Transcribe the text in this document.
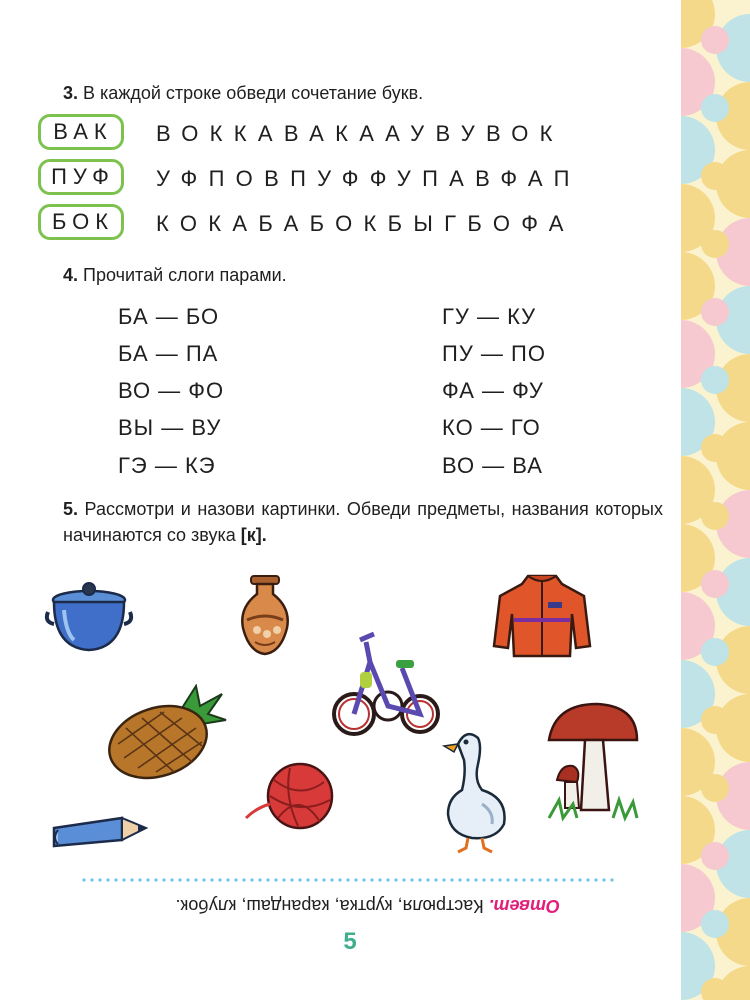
3. В каждой строке обведи сочетание букв.
ВАК	ВОККАВАКААУВУВОК
ПУФ	УФПОВПУФФУПАВФАП
БОК	КОКАБАБОКБЫГБОФА
4. Прочитай слоги парами.
БА — БО
БА — ПА
ВО — ФО
ВЫ — ВУ
ГЭ — КЭ
ГУ — КУ
ПУ — ПО
ФА — ФУ
КО — ГО
ВО — ВА
5. Рассмотри и назови картинки. Обведи предметы, названия которых начинаются со звука [к].
Ответ. Кастрюля, куртка, карандаш, клубок.
5
